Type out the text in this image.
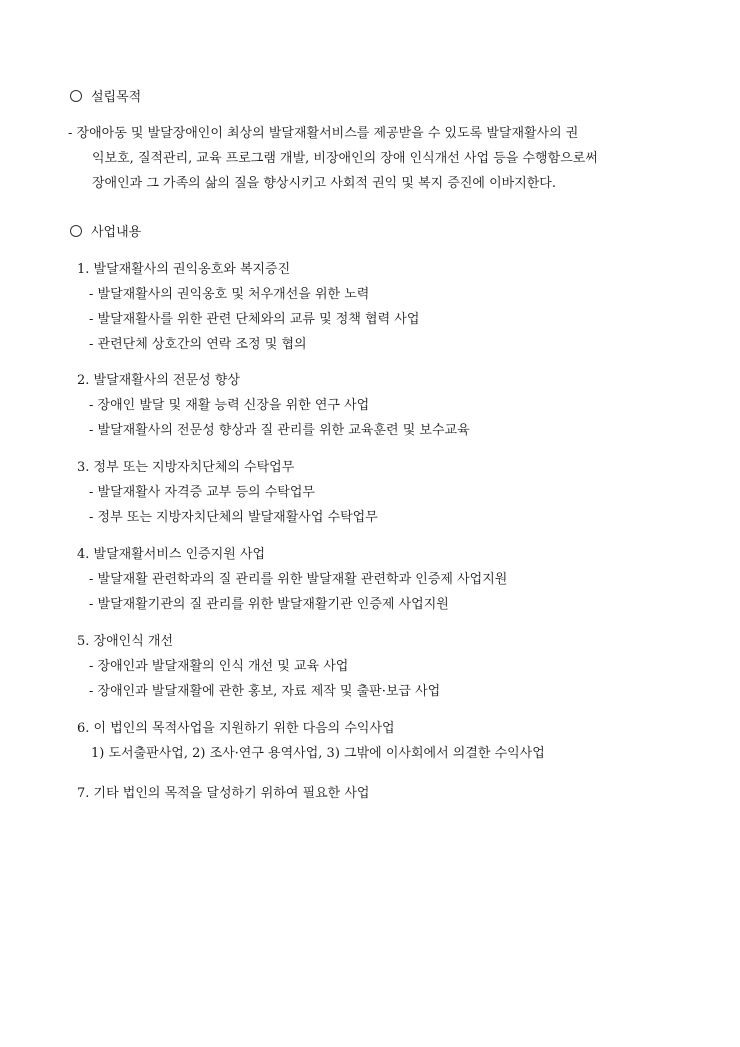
설립목적
- 장애아동 및 발달장애인이 최상의 발달재활서비스를 제공받을 수 있도록 발달재활사의 권
익보호, 질적관리, 교육 프로그램 개발, 비장애인의 장애 인식개선 사업 등을 수행함으로써
장애인과 그 가족의 삶의 질을 향상시키고 사회적 권익 및 복지 증진에 이바지한다.
사업내용
1. 발달재활사의 권익옹호와 복지증진
- 발달재활사의 권익옹호 및 처우개선을 위한 노력
- 발달재활사를 위한 관련 단체와의 교류 및 정책 협력 사업
- 관련단체 상호간의 연락 조정 및 협의
2. 발달재활사의 전문성 향상
- 장애인 발달 및 재활 능력 신장을 위한 연구 사업
- 발달재활사의 전문성 향상과 질 관리를 위한 교육훈련 및 보수교육
3. 정부 또는 지방자치단체의 수탁업무
- 발달재활사 자격증 교부 등의 수탁업무
- 정부 또는 지방자치단체의 발달재활사업 수탁업무
4. 발달재활서비스 인증지원 사업
- 발달재활 관련학과의 질 관리를 위한 발달재활 관련학과 인증제 사업지원
- 발달재활기관의 질 관리를 위한 발달재활기관 인증제 사업지원
5. 장애인식 개선
- 장애인과 발달재활의 인식 개선 및 교육 사업
- 장애인과 발달재활에 관한 홍보, 자료 제작 및 출판·보급 사업
6. 이 법인의 목적사업을 지원하기 위한 다음의 수익사업
1) 도서출판사업, 2) 조사·연구 용역사업, 3) 그밖에 이사회에서 의결한 수익사업
7. 기타 법인의 목적을 달성하기 위하여 필요한 사업
